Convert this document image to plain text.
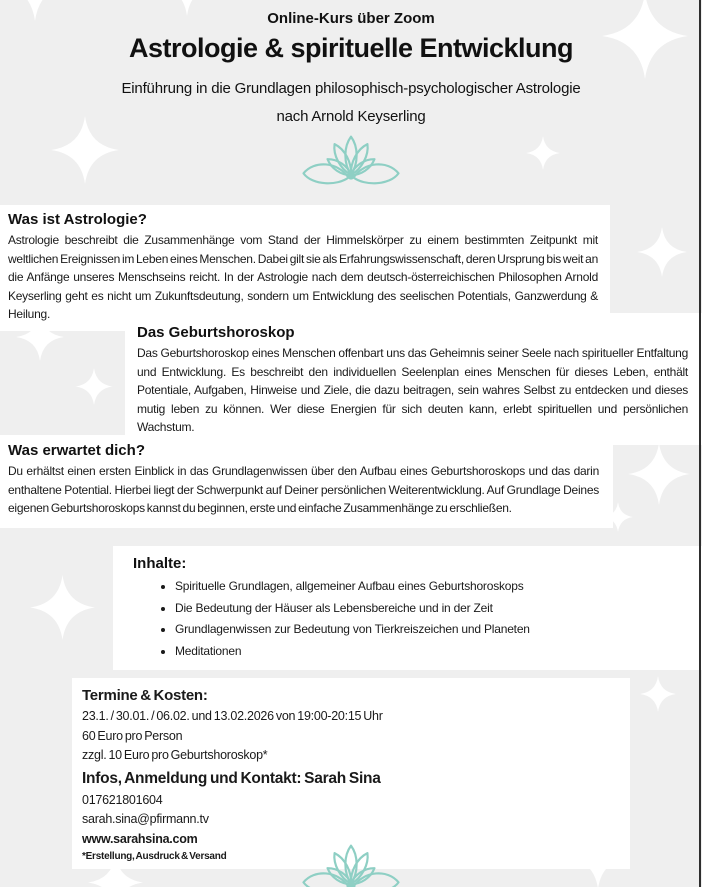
Online-Kurs über Zoom
Astrologie & spirituelle Entwicklung
Einführung in die Grundlagen philosophisch-psychologischer Astrologie
nach Arnold Keyserling
Was ist Astrologie?

Astrologie beschreibt die Zusammenhänge vom Stand der Himmelskörper zu einem bestimmten Zeitpunkt mit weltlichen Ereignissen im Leben eines Menschen. Dabei gilt sie als Erfahrungswissenschaft, deren Ursprung bis weit an die Anfänge unseres Menschseins reicht. In der Astrologie nach dem deutsch-österreichischen Philosophen Arnold Keyserling geht es nicht um Zukunftsdeutung, sondern um Entwicklung des seelischen Potentials, Ganzwerdung & Heilung.

Das Geburtshoroskop

Das Geburtshoroskop eines Menschen offenbart uns das Geheimnis seiner Seele nach spiritueller Entfaltung und Entwicklung. Es beschreibt den individuellen Seelenplan eines Menschen für dieses Leben, enthält Potentiale, Aufgaben, Hinweise und Ziele, die dazu beitragen, sein wahres Selbst zu entdecken und dieses mutig leben zu können. Wer diese Energien für sich deuten kann, erlebt spirituellen und persönlichen Wachstum.

Was erwartet dich?

Du erhältst einen ersten Einblick in das Grundlagenwissen über den Aufbau eines Geburtshoroskops und das darin enthaltene Potential. Hierbei liegt der Schwerpunkt auf Deiner persönlichen Weiterentwicklung. Auf Grundlage Deines eigenen Geburtshoroskops kannst du beginnen, erste und einfache Zusammenhänge zu erschließen.

Inhalte:
• Spirituelle Grundlagen, allgemeiner Aufbau eines Geburtshoroskops
• Die Bedeutung der Häuser als Lebensbereiche und in der Zeit
• Grundlagenwissen zur Bedeutung von Tierkreiszeichen und Planeten
• Meditationen

Termine & Kosten:

23.1. / 30.01. / 06.02. und 13.02.2026 von 19:00-20:15 Uhr

60 Euro pro Person

zzgl. 10 Euro pro Geburtshoroskop*

Infos, Anmeldung und Kontakt: Sarah Sina

017621801604

sarah.sina@pfirmann.tv

www.sarahsina.com

*Erstellung, Ausdruck & Versand
